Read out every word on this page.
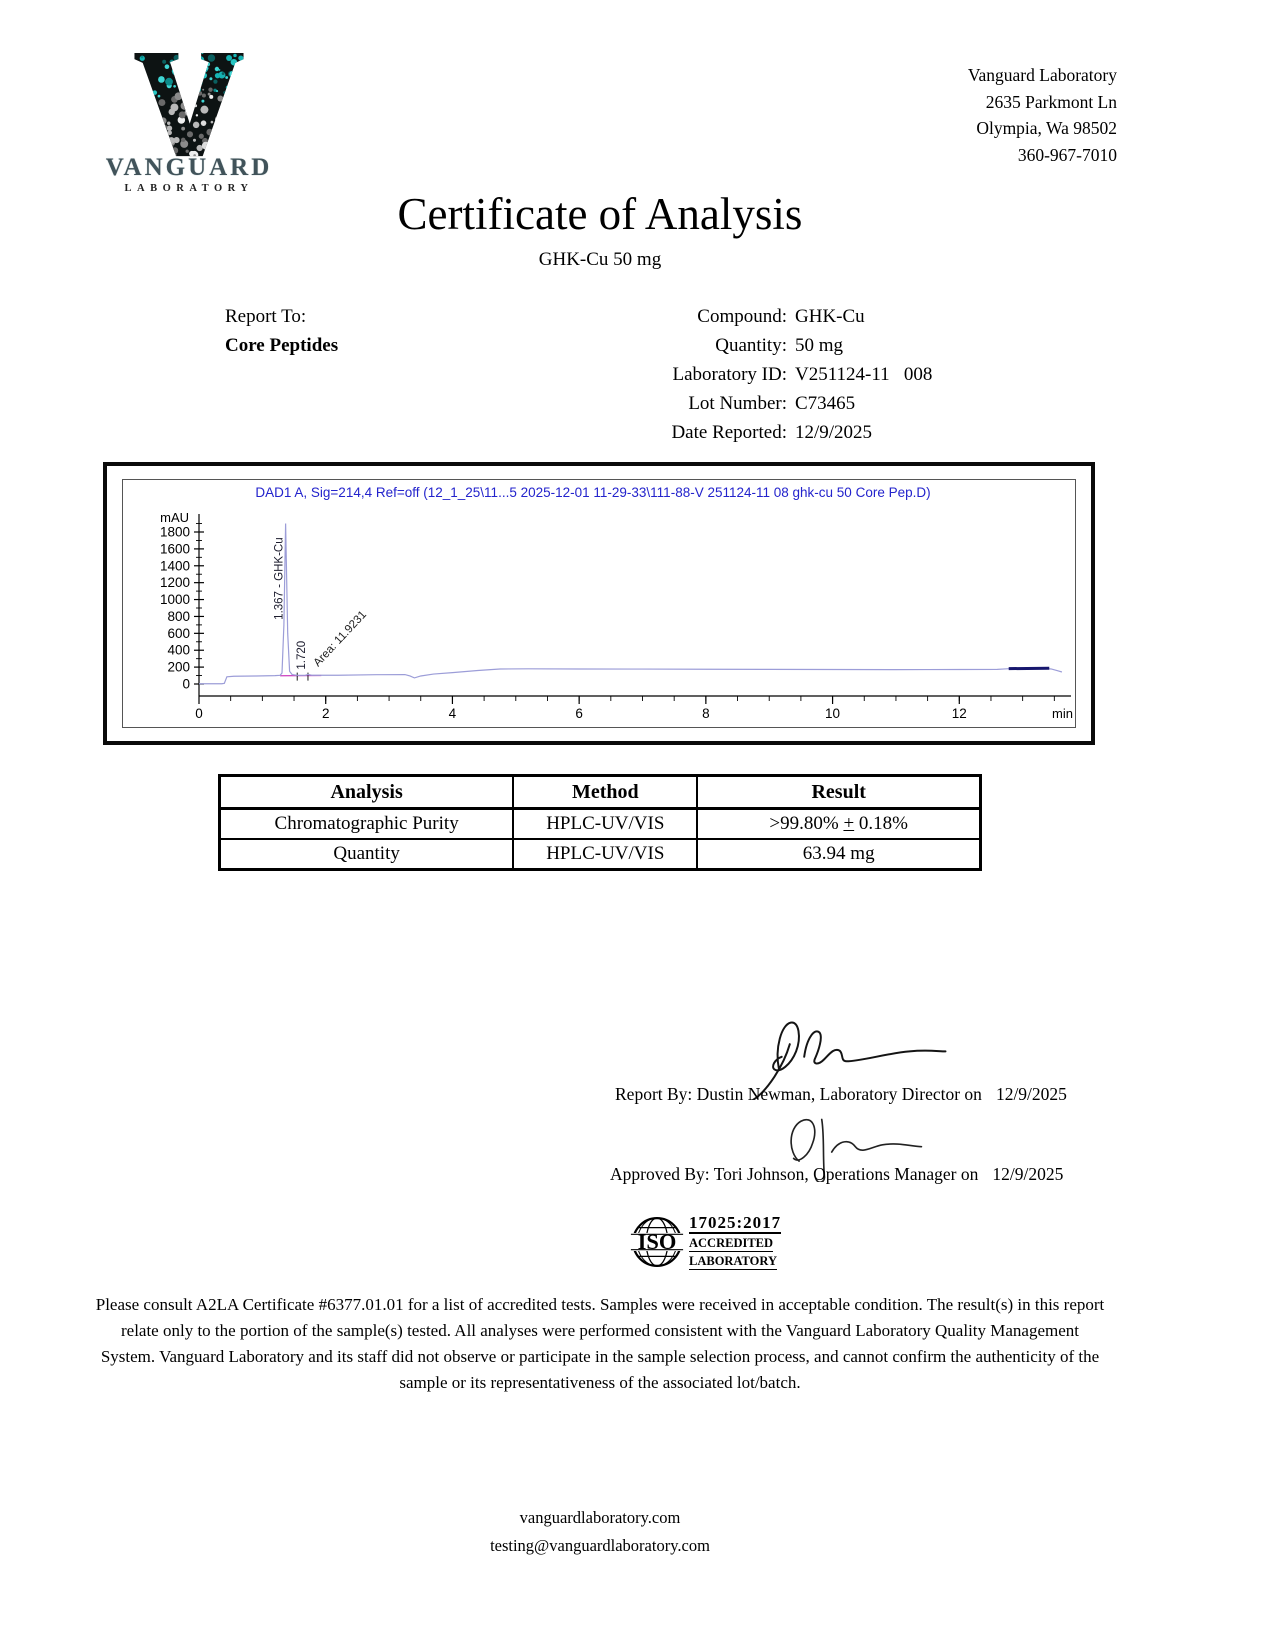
VANGUARD
LABORATORY
Vanguard Laboratory
2635 Parkmont Ln
Olympia, Wa 98502
360-967-7010
Certificate of Analysis
GHK-Cu 50 mg
Report To:
Core Peptides
Compound: GHK-Cu
Quantity: 50 mg
Laboratory ID: V251124-11   008
Lot Number: C73465
Date Reported: 12/9/2025
DAD1 A, Sig=214,4 Ref=off (12_1_25\11...5 2025-12-01 11-29-33\111-88-V 251124-11 08 ghk-cu 50 Core Pep.D)
mAU
0
200
400
600
800
1000
1200
1400
1600
1800
0	2	4	6	8	10	12	min
1.367 - GHK-Cu
1.720 Area: 11.9231
Analysis	Method	Result
Chromatographic Purity	HPLC-UV/VIS	>99.80% + 0.18%
Quantity	HPLC-UV/VIS	63.94 mg
Report By: Dustin Newman, Laboratory Director on 12/9/2025
Approved By: Tori Johnson, Operations Manager on 12/9/2025
ISO
17025:2017
ACCREDITED
LABORATORY
Please consult A2LA Certificate #6377.01.01 for a list of accredited tests. Samples were received in acceptable condition. The result(s) in this report relate only to the portion of the sample(s) tested. All analyses were performed consistent with the Vanguard Laboratory Quality Management System. Vanguard Laboratory and its staff did not observe or participate in the sample selection process, and cannot confirm the authenticity of the sample or its representativeness of the associated lot/batch.
vanguardlaboratory.com
testing@vanguardlaboratory.com
